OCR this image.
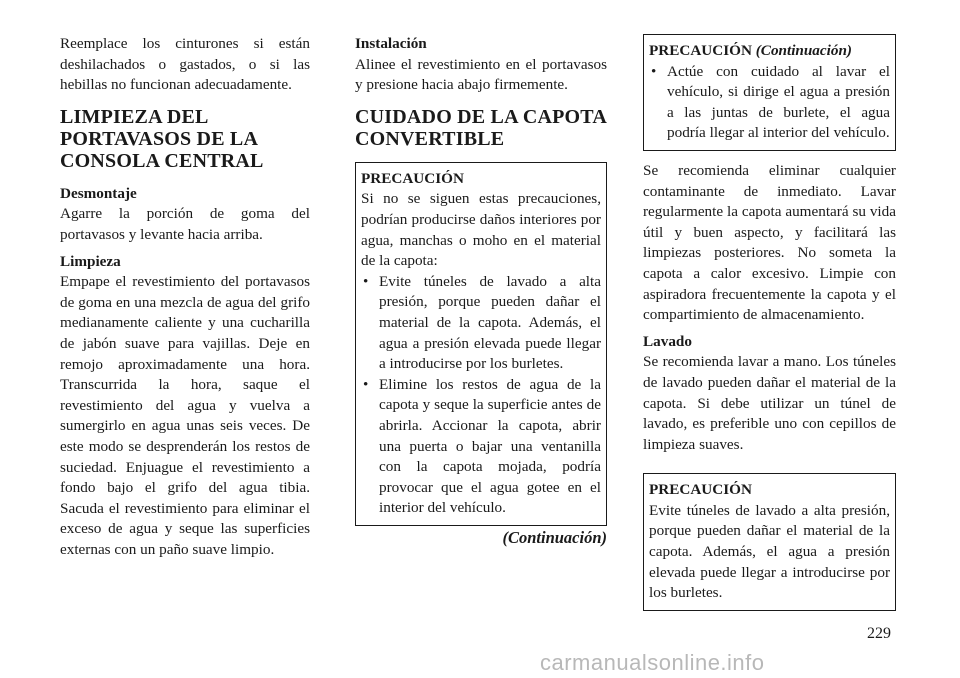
Reemplace los cinturones si están deshilachados o gastados, o si las hebillas no funcionan adecuadamente.

LIMPIEZA DEL PORTAVASOS DE LA CONSOLA CENTRAL

Desmontaje

Agarre la porción de goma del portavasos y levante hacia arriba.

Limpieza

Empape el revestimiento del portavasos de goma en una mezcla de agua del grifo medianamente caliente y una cucharilla de jabón suave para vajillas. Deje en remojo aproximadamente una hora. Transcurrida la hora, saque el revestimiento del agua y vuelva a sumergirlo en agua unas seis veces. De este modo se desprenderán los restos de suciedad. Enjuague el revestimiento a fondo bajo el grifo del agua tibia. Sacuda el revestimiento para eliminar el exceso de agua y seque las superficies externas con un paño suave limpio.

Instalación

Alinee el revestimiento en el portavasos y presione hacia abajo firmemente.

CUIDADO DE LA CAPOTA CONVERTIBLE
PRECAUCIÓN

Si no se siguen estas precauciones, podrían producirse daños interiores por agua, manchas o moho en el material de la capota:

• Evite túneles de lavado a alta presión, porque pueden dañar el material de la capota. Además, el agua a presión elevada puede llegar a introducirse por los burletes.
• Elimine los restos de agua de la capota y seque la superficie antes de abrirla. Accionar la capota, abrir una puerta o bajar una ventanilla con la capota mojada, podría provocar que el agua gotee en el interior del vehículo.
(Continuación)
PRECAUCIÓN (Continuación)
• Actúe con cuidado al lavar el vehículo, si dirige el agua a presión a las juntas de burlete, el agua podría llegar al interior del vehículo.

Se recomienda eliminar cualquier contaminante de inmediato. Lavar regularmente la capota aumentará su vida útil y buen aspecto, y facilitará las limpiezas posteriores. No someta la capota a calor excesivo. Limpie con aspiradora frecuentemente la capota y el compartimiento de almacenamiento.

Lavado

Se recomienda lavar a mano. Los túneles de lavado pueden dañar el material de la capota. Si debe utilizar un túnel de lavado, es preferible uno con cepillos de limpieza suaves.

PRECAUCIÓN

Evite túneles de lavado a alta presión, porque pueden dañar el material de la capota. Además, el agua a presión elevada puede llegar a introducirse por los burletes.

229
carmanualsonline.info
